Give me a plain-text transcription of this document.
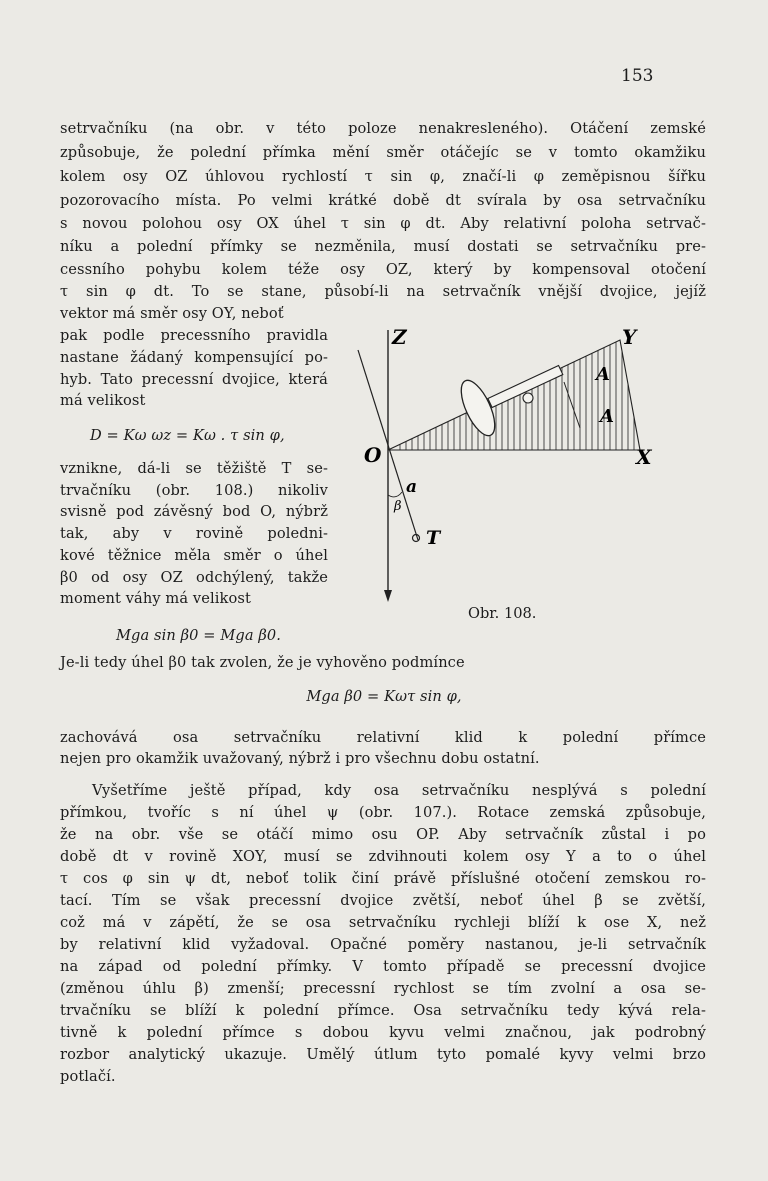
153
setrvačníku (na obr. v této poloze nenakresleného). Otáčení zemské
způsobuje, že polední přímka mění směr otáčejíc se v tomto okamžiku
kolem osy OZ úhlovou rychlostí τ sin φ, značí-li φ zeměpisnou šířku
pozorovacího místa. Po velmi krátké době dt svírala by osa setrvačníku
s novou polohou osy OX úhel τ sin φ dt. Aby relativní poloha setrvač-
níku a polední přímky se nezměnila, musí dostati se setrvačníku pre-
cessního pohybu kolem téže osy OZ, který by kompensoval otočení
τ sin φ dt. To se stane, působí-li na setrvačník vnější dvojice, jejíž
vektor má směr osy OY, neboť
pak podle precessního pravidla
nastane žádaný kompensující po-
hyb. Tato precessní dvojice, která
má velikost
D = Kω ωz = Kω . τ sin φ,
vznikne, dá-li se těžiště T se-
trvačníku (obr. 108.) nikoliv
svisně pod závěsný bod O, nýbrž
tak, aby v rovině poledni-
kové těžnice měla směr o úhel
β0 od osy OZ odchýlený, takže
moment váhy má velikost
Mga sin β0 = Mga β0.
Je-li tedy úhel β0 tak zvolen, že je vyhověno podmínce
Mga β0 = Kωτ sin φ,
zachovává osa setrvačníku relativní klid k polední přímce
nejen pro okamžik uvažovaný, nýbrž i pro všechnu dobu ostatní.
Vyšetříme ještě případ, kdy osa setrvačníku nesplývá s polední
přímkou, tvoříc s ní úhel ψ (obr. 107.). Rotace zemská způsobuje,
že na obr. vše se otáčí mimo osu OP. Aby setrvačník zůstal i po
době dt v rovině XOY, musí se zdvihnouti kolem osy Y a to o úhel
τ cos φ sin ψ dt, neboť tolik činí právě příslušné otočení zemskou ro-
tací. Tím se však precessní dvojice zvětší, neboť úhel β se zvětší,
což má v zápětí, že se osa setrvačníku rychleji blíží k ose X, než
by relativní klid vyžadoval. Opačné poměry nastanou, je-li setrvačník
na západ od polední přímky. V tomto případě se precessní dvojice
(změnou úhlu β) zmenší; precessní rychlost se tím zvolní a osa se-
trvačníku se blíží k polední přímce. Osa setrvačníku tedy kývá rela-
tivně k polední přímce s dobou kyvu velmi značnou, jak podrobný
rozbor analytický ukazuje. Umělý útlum tyto pomalé kyvy velmi brzo
potlačí.
Z	Y
X
O
A
A
a
β
T
Obr. 108.
